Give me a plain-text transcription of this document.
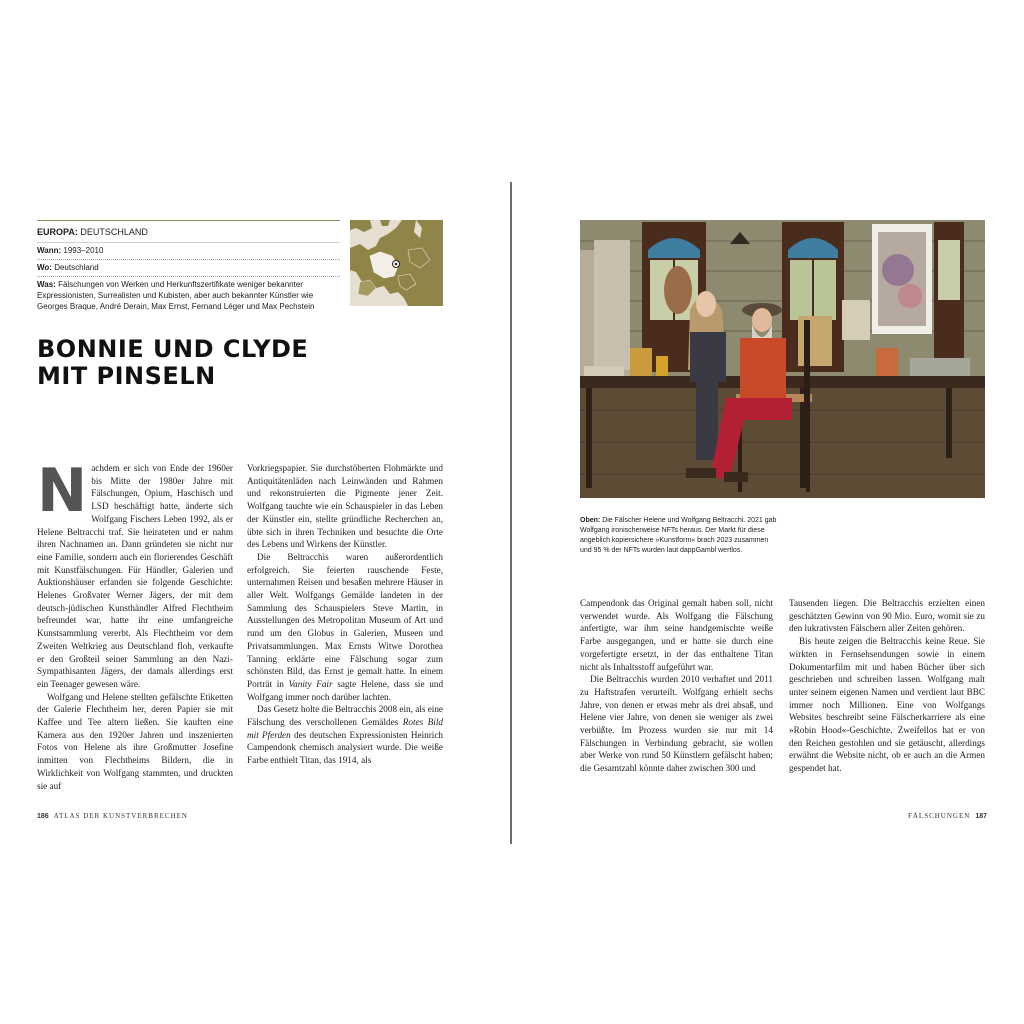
EUROPA: DEUTSCHLAND
Wann: 1993–2010
Wo: Deutschland
Was: Fälschungen von Werken und Herkunftszertifikate weniger bekannter Expressionisten, Surrealisten und Kubisten, aber auch bekannter Künstler wie Georges Braque, André Derain, Max Ernst, Fernand Léger und Max Pechstein
BONNIE UND CLYDE
MIT PINSELN

Nachdem er sich von Ende der 1960er bis Mitte der 1980er Jahre mit Fälschungen, Opium, Haschisch und LSD beschäftigt hatte, änderte sich Wolfgang Fischers Leben 1992, als er Helene Beltracchi traf. Sie heirateten und er nahm ihren Nachnamen an. Dann gründeten sie nicht nur eine Familie, sondern auch ein florierendes Geschäft mit Kunstfälschungen. Für Händler, Galerien und Auktionshäuser erfanden sie folgende Geschichte: Helenes Großvater Werner Jägers, der mit dem deutsch-jüdischen Kunsthändler Alfred Flechtheim befreundet war, hatte ihr eine umfangreiche Kunstsammlung vererbt. Als Flechtheim vor dem Zweiten Weltkrieg aus Deutschland floh, verkaufte er den Großteil seiner Sammlung an den Nazi-Sympathisanten Jägers, der damals allerdings erst ein Teenager gewesen wäre.

Wolfgang und Helene stellten gefälschte Etiketten der Galerie Flechtheim her, deren Papier sie mit Kaffee und Tee altern ließen. Sie kauften eine Kamera aus den 1920er Jahren und inszenierten Fotos von Helene als ihre Großmutter Josefine inmitten von Flechtheims Bildern, die in Wirklichkeit von Wolfgang stammten, und druckten sie auf

Vorkriegspapier. Sie durchstöberten Flohmärkte und Antiquitätenläden nach Leinwänden und Rahmen und rekonstruierten die Pigmente jener Zeit. Wolfgang tauchte wie ein Schauspieler in das Leben der Künstler ein, stellte gründliche Recherchen an, übte sich in ihren Techniken und besuchte die Orte des Lebens und Wirkens der Künstler.

Die Beltracchis waren außerordentlich erfolgreich. Sie feierten rauschende Feste, unternahmen Reisen und besaßen mehrere Häuser in aller Welt. Wolfgangs Gemälde landeten in der Sammlung des Schauspielers Steve Martin, in Ausstellungen des Metropolitan Museum of Art und rund um den Globus in Galerien, Museen und Privatsammlungen. Max Ernsts Witwe Dorothea Tanning erklärte eine Fälschung sogar zum schönsten Bild, das Ernst je gemalt hatte. In einem Porträt in Vanity Fair sagte Helene, dass sie und Wolfgang immer noch darüber lachten.

Das Gesetz holte die Beltracchis 2008 ein, als eine Fälschung des verschollenen Gemäldes Rotes Bild mit Pferden des deutschen Expressionisten Heinrich Campendonk chemisch analysiert wurde. Die weiße Farbe enthielt Titan, das 1914, als

186 ATLAS DER KUNSTVERBRECHEN
Oben: Die Fälscher Helene und Wolfgang Beltracchi. 2021 gab Wolfgang ironischerweise NFTs heraus. Der Markt für diese angeblich kopiersichere »Kunstform« brach 2023 zusammen und 95 % der NFTs wurden laut dappGambl wertlos.

Campendonk das Original gemalt haben soll, nicht verwendet wurde. Als Wolfgang die Fälschung anfertigte, war ihm seine handgemischte weiße Farbe ausgegangen, und er hatte sie durch eine vorgefertigte ersetzt, in der das enthaltene Titan nicht als Inhaltsstoff aufgeführt war.

Die Beltracchis wurden 2010 verhaftet und 2011 zu Haftstrafen verurteilt. Wolfgang erhielt sechs Jahre, von denen er etwas mehr als drei absaß, und Helene vier Jahre, von denen sie weniger als zwei verbüßte. Im Prozess wurden sie nur mit 14 Fälschungen in Verbindung gebracht, sie wollen aber Werke von rund 50 Künstlern gefälscht haben; die Gesamtzahl könnte daher zwischen 300 und

Tausenden liegen. Die Beltracchis erzielten einen geschätzten Gewinn von 90 Mio. Euro, womit sie zu den lukrativsten Fälschern aller Zeiten gehören.

Bis heute zeigen die Beltracchis keine Reue. Sie wirkten in Fernsehsendungen sowie in einem Dokumentarfilm mit und haben Bücher über sich geschrieben und schreiben lassen. Wolfgang malt unter seinem eigenen Namen und verdient laut BBC immer noch Millionen. Eine von Wolfgangs Websites beschreibt seine Fälscherkarriere als eine »Robin Hood«-Geschichte. Zweifellos hat er von den Reichen gestohlen und sie getäuscht, allerdings erwähnt die Website nicht, ob er auch an die Armen gespendet hat.

FÄLSCHUNGEN 187
